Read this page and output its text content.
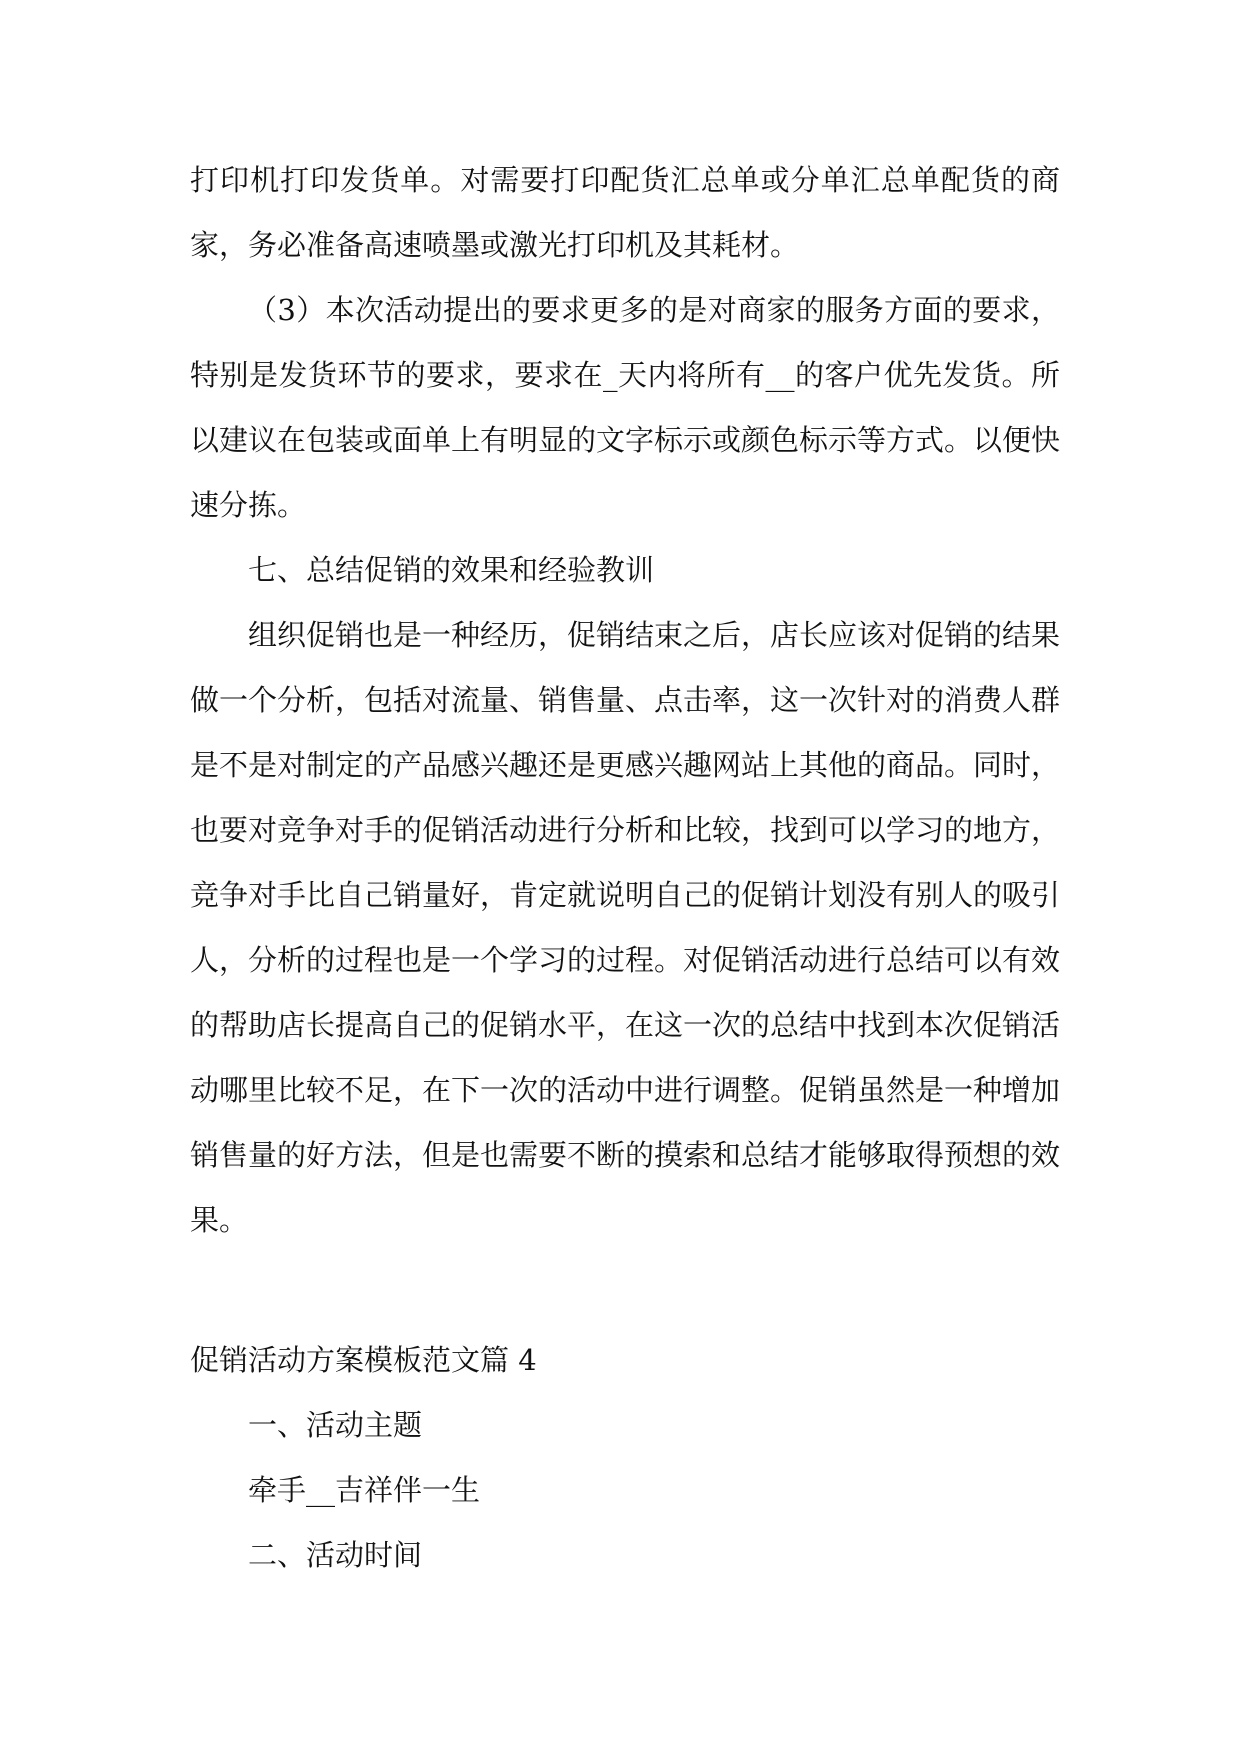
打印机打印发货单。对需要打印配货汇总单或分单汇总单配货的商家，务必准备高速喷墨或激光打印机及其耗材。

（3）本次活动提出的要求更多的是对商家的服务方面的要求，特别是发货环节的要求，要求在_天内将所有__的客户优先发货。所以建议在包装或面单上有明显的文字标示或颜色标示等方式。以便快速分拣。

七、总结促销的效果和经验教训

组织促销也是一种经历，促销结束之后，店长应该对促销的结果做一个分析，包括对流量、销售量、点击率，这一次针对的消费人群是不是对制定的产品感兴趣还是更感兴趣网站上其他的商品。同时，也要对竞争对手的促销活动进行分析和比较，找到可以学习的地方，竞争对手比自己销量好，肯定就说明自己的促销计划没有别人的吸引人，分析的过程也是一个学习的过程。对促销活动进行总结可以有效的帮助店长提高自己的促销水平，在这一次的总结中找到本次促销活动哪里比较不足，在下一次的活动中进行调整。促销虽然是一种增加销售量的好方法，但是也需要不断的摸索和总结才能够取得预想的效果。

促销活动方案模板范文篇 4

一、活动主题

牵手__吉祥伴一生

二、活动时间
